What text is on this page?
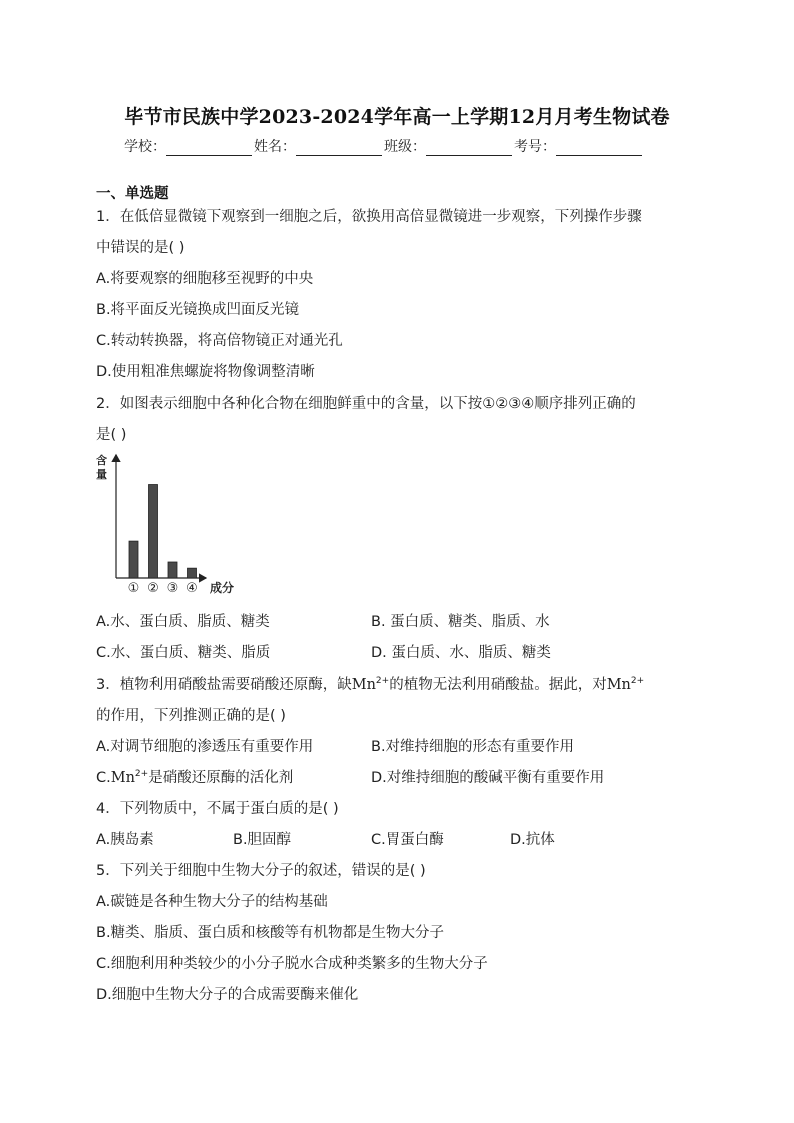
毕节市民族中学2023-2024学年高一上学期12月月考生物试卷
学校：	姓名：	班级：	考号：
一、单选题
1．在低倍显微镜下观察到一细胞之后，欲换用高倍显微镜进一步观察，下列操作步骤
中错误的是( )
A.将要观察的细胞移至视野的中央
B.将平面反光镜换成凹面反光镜
C.转动转换器，将高倍物镜正对通光孔
D.使用粗准焦螺旋将物像调整清晰
2．如图表示细胞中各种化合物在细胞鲜重中的含量，以下按①②③④顺序排列正确的
是( )
含
量
成分
① ② ③ ④
A.水、蛋白质、脂质、糖类	B. 蛋白质、糖类、脂质、水
C.水、蛋白质、糖类、脂质	D. 蛋白质、水、脂质、糖类
3．植物利用硝酸盐需要硝酸还原酶，缺$Mn^{2+}$的植物无法利用硝酸盐。据此，对$Mn^{2+}$
的作用，下列推测正确的是( )
A.对调节细胞的渗透压有重要作用	B.对维持细胞的形态有重要作用
$C.Mn^{2+}$是硝酸还原酶的活化剂	D.对维持细胞的酸碱平衡有重要作用
4．下列物质中，不属于蛋白质的是( )
A.胰岛素	B.胆固醇	C.胃蛋白酶	D.抗体
5．下列关于细胞中生物大分子的叙述，错误的是( )
A.碳链是各种生物大分子的结构基础
B.糖类、脂质、蛋白质和核酸等有机物都是生物大分子
C.细胞利用种类较少的小分子脱水合成种类繁多的生物大分子
D.细胞中生物大分子的合成需要酶来催化
